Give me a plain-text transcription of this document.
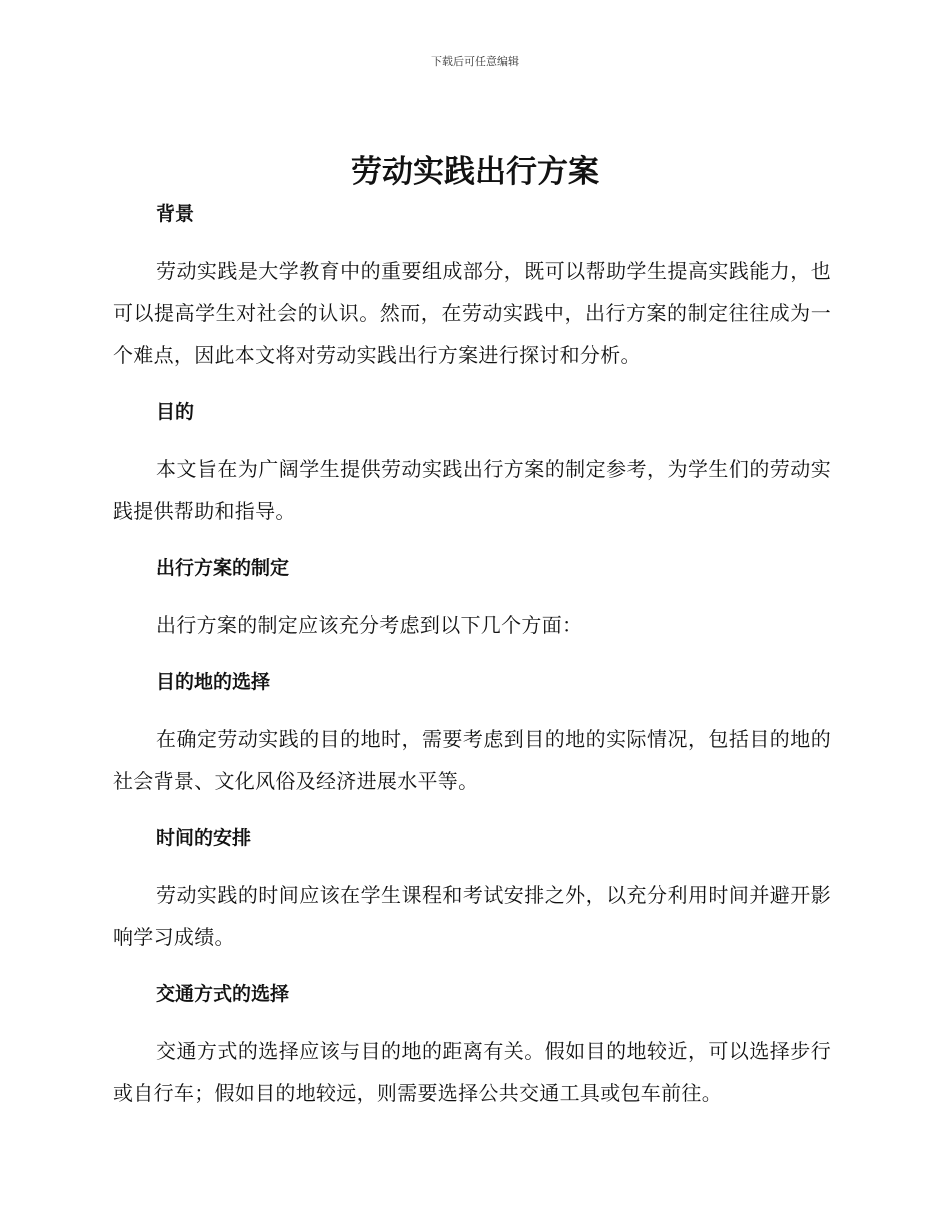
下载后可任意编辑
劳动实践出行方案
背景

劳动实践是大学教育中的重要组成部分，既可以帮助学生提高实践能力，也可以提高学生对社会的认识。然而，在劳动实践中，出行方案的制定往往成为一个难点，因此本文将对劳动实践出行方案进行探讨和分析。

目的

本文旨在为广阔学生提供劳动实践出行方案的制定参考，为学生们的劳动实践提供帮助和指导。

出行方案的制定

出行方案的制定应该充分考虑到以下几个方面：

目的地的选择

在确定劳动实践的目的地时，需要考虑到目的地的实际情况，包括目的地的社会背景、文化风俗及经济进展水平等。

时间的安排

劳动实践的时间应该在学生课程和考试安排之外，以充分利用时间并避开影响学习成绩。

交通方式的选择

交通方式的选择应该与目的地的距离有关。假如目的地较近，可以选择步行或自行车；假如目的地较远，则需要选择公共交通工具或包车前往。
